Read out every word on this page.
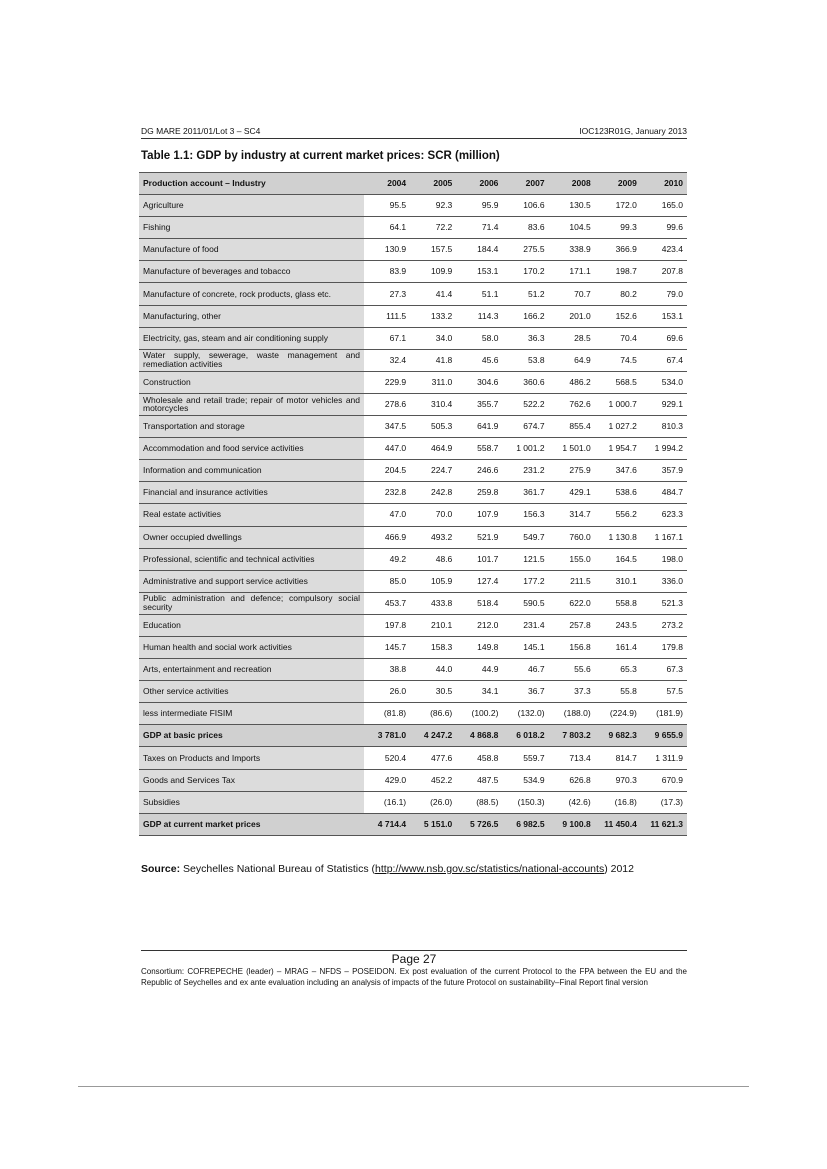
DG MARE 2011/01/Lot 3 – SC4	IOC123R01G, January 2013
Table 1.1: GDP by industry at current market prices: SCR (million)
Production account – Industry	2004	2005	2006	2007	2008	2009	2010
Agriculture	95.5	92.3	95.9	106.6	130.5	172.0	165.0
Fishing	64.1	72.2	71.4	83.6	104.5	99.3	99.6
Manufacture of food	130.9	157.5	184.4	275.5	338.9	366.9	423.4
Manufacture of beverages and tobacco	83.9	109.9	153.1	170.2	171.1	198.7	207.8
Manufacture of concrete, rock products, glass etc.	27.3	41.4	51.1	51.2	70.7	80.2	79.0
Manufacturing, other	111.5	133.2	114.3	166.2	201.0	152.6	153.1
Electricity, gas, steam and air conditioning supply	67.1	34.0	58.0	36.3	28.5	70.4	69.6
Water supply, sewerage, waste management and remediation activities	32.4	41.8	45.6	53.8	64.9	74.5	67.4
Construction	229.9	311.0	304.6	360.6	486.2	568.5	534.0
Wholesale and retail trade; repair of motor vehicles and motorcycles	278.6	310.4	355.7	522.2	762.6	1 000.7	929.1
Transportation and storage	347.5	505.3	641.9	674.7	855.4	1 027.2	810.3
Accommodation and food service activities	447.0	464.9	558.7	1 001.2	1 501.0	1 954.7	1 994.2
Information and communication	204.5	224.7	246.6	231.2	275.9	347.6	357.9
Financial and insurance activities	232.8	242.8	259.8	361.7	429.1	538.6	484.7
Real estate activities	47.0	70.0	107.9	156.3	314.7	556.2	623.3
Owner occupied dwellings	466.9	493.2	521.9	549.7	760.0	1 130.8	1 167.1
Professional, scientific and technical activities	49.2	48.6	101.7	121.5	155.0	164.5	198.0
Administrative and support service activities	85.0	105.9	127.4	177.2	211.5	310.1	336.0
Public administration and defence; compulsory social security	453.7	433.8	518.4	590.5	622.0	558.8	521.3
Education	197.8	210.1	212.0	231.4	257.8	243.5	273.2
Human health and social work activities	145.7	158.3	149.8	145.1	156.8	161.4	179.8
Arts, entertainment and recreation	38.8	44.0	44.9	46.7	55.6	65.3	67.3
Other service activities	26.0	30.5	34.1	36.7	37.3	55.8	57.5
less intermediate FISIM	(81.8)	(86.6)	(100.2)	(132.0)	(188.0)	(224.9)	(181.9)
GDP at basic prices	3 781.0	4 247.2	4 868.8	6 018.2	7 803.2	9 682.3	9 655.9
Taxes on Products and Imports	520.4	477.6	458.8	559.7	713.4	814.7	1 311.9
Goods and Services Tax	429.0	452.2	487.5	534.9	626.8	970.3	670.9
Subsidies	(16.1)	(26.0)	(88.5)	(150.3)	(42.6)	(16.8)	(17.3)
GDP at current market prices	4 714.4	5 151.0	5 726.5	6 982.5	9 100.8	11 450.4	11 621.3
Source: Seychelles National Bureau of Statistics (http://www.nsb.gov.sc/statistics/national-accounts) 2012
Page 27
Consortium: COFREPECHE (leader) – MRAG – NFDS – POSEIDON. Ex post evaluation of the current Protocol to the FPA between the EU and the Republic of Seychelles and ex ante evaluation including an analysis of impacts of the future Protocol on sustainability–Final Report final version
